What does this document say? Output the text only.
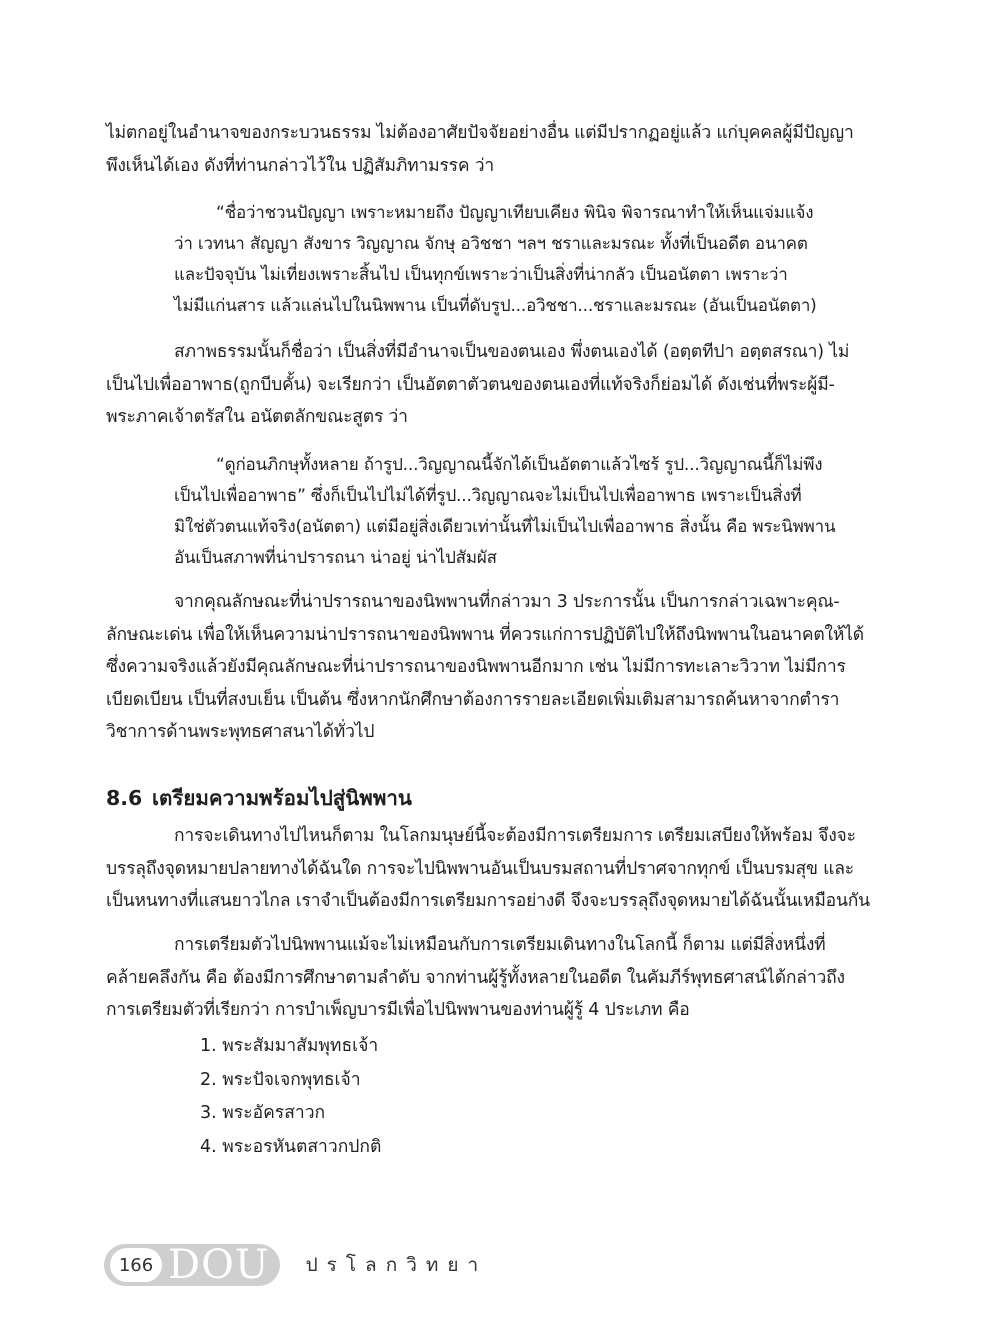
ไม่ตกอยู่ในอำนาจของกระบวนธรรม ไม่ต้องอาศัยปัจจัยอย่างอื่น แต่มีปรากฏอยู่แล้ว แก่บุคคลผู้มีปัญญา
พึงเห็นได้เอง ดังที่ท่านกล่าวไว้ใน ปฏิสัมภิทามรรค ว่า
“ชื่อว่าชวนปัญญา เพราะหมายถึง ปัญญาเทียบเคียง พินิจ พิจารณาทำให้เห็นแจ่มแจ้ง
ว่า เวทนา สัญญา สังขาร วิญญาณ จักษุ อวิชชา ฯลฯ ชราและมรณะ ทั้งที่เป็นอดีต อนาคต
และปัจจุบัน ไม่เที่ยงเพราะสิ้นไป เป็นทุกข์เพราะว่าเป็นสิ่งที่น่ากลัว เป็นอนัตตา เพราะว่า
ไม่มีแก่นสาร แล้วแล่นไปในนิพพาน เป็นที่ดับรูป...อวิชชา...ชราและมรณะ (อันเป็นอนัตตา)
สภาพธรรมนั้นก็ชื่อว่า เป็นสิ่งที่มีอำนาจเป็นของตนเอง พึ่งตนเองได้ (อตฺตทีปา อตฺตสรณา) ไม่
เป็นไปเพื่ออาพาธ(ถูกบีบคั้น) จะเรียกว่า เป็นอัตตาตัวตนของตนเองที่แท้จริงก็ย่อมได้ ดังเช่นที่พระผู้มี-
พระภาคเจ้าตรัสใน อนัตตลักขณะสูตร ว่า
“ดูก่อนภิกษุทั้งหลาย ถ้ารูป...วิญญาณนี้จักได้เป็นอัตตาแล้วไซร้ รูป...วิญญาณนี้ก็ไม่พึง
เป็นไปเพื่ออาพาธ” ซึ่งก็เป็นไปไม่ได้ที่รูป...วิญญาณจะไม่เป็นไปเพื่ออาพาธ เพราะเป็นสิ่งที่
มิใช่ตัวตนแท้จริง(อนัตตา) แต่มีอยู่สิ่งเดียวเท่านั้นที่ไม่เป็นไปเพื่ออาพาธ สิ่งนั้น คือ พระนิพพาน
อันเป็นสภาพที่น่าปรารถนา น่าอยู่ น่าไปสัมผัส
จากคุณลักษณะที่น่าปรารถนาของนิพพานที่กล่าวมา 3 ประการนั้น เป็นการกล่าวเฉพาะคุณ-
ลักษณะเด่น เพื่อให้เห็นความน่าปรารถนาของนิพพาน ที่ควรแก่การปฏิบัติไปให้ถึงนิพพานในอนาคตให้ได้
ซึ่งความจริงแล้วยังมีคุณลักษณะที่น่าปรารถนาของนิพพานอีกมาก เช่น ไม่มีการทะเลาะวิวาท ไม่มีการ
เบียดเบียน เป็นที่สงบเย็น เป็นต้น ซึ่งหากนักศึกษาต้องการรายละเอียดเพิ่มเติมสามารถค้นหาจากตำรา
วิชาการด้านพระพุทธศาสนาได้ทั่วไป
8.6 เตรียมความพร้อมไปสู่นิพพาน
การจะเดินทางไปไหนก็ตาม ในโลกมนุษย์นี้จะต้องมีการเตรียมการ เตรียมเสบียงให้พร้อม จึงจะ
บรรลุถึงจุดหมายปลายทางได้ฉันใด การจะไปนิพพานอันเป็นบรมสถานที่ปราศจากทุกข์ เป็นบรมสุข และ
เป็นหนทางที่แสนยาวไกล เราจำเป็นต้องมีการเตรียมการอย่างดี จึงจะบรรลุถึงจุดหมายได้ฉันนั้นเหมือนกัน
การเตรียมตัวไปนิพพานแม้จะไม่เหมือนกับการเตรียมเดินทางในโลกนี้ ก็ตาม แต่มีสิ่งหนึ่งที่
คล้ายคลึงกัน คือ ต้องมีการศึกษาตามลำดับ จากท่านผู้รู้ทั้งหลายในอดีต ในคัมภีร์พุทธศาสน์ได้กล่าวถึง
การเตรียมตัวที่เรียกว่า การบำเพ็ญบารมีเพื่อไปนิพพานของท่านผู้รู้ 4 ประเภท คือ
1. พระสัมมาสัมพุทธเจ้า
2. พระปัจเจกพุทธเจ้า
3. พระอัครสาวก
4. พระอรหันตสาวกปกติ
166 DOU ปรโลกวิทยา
